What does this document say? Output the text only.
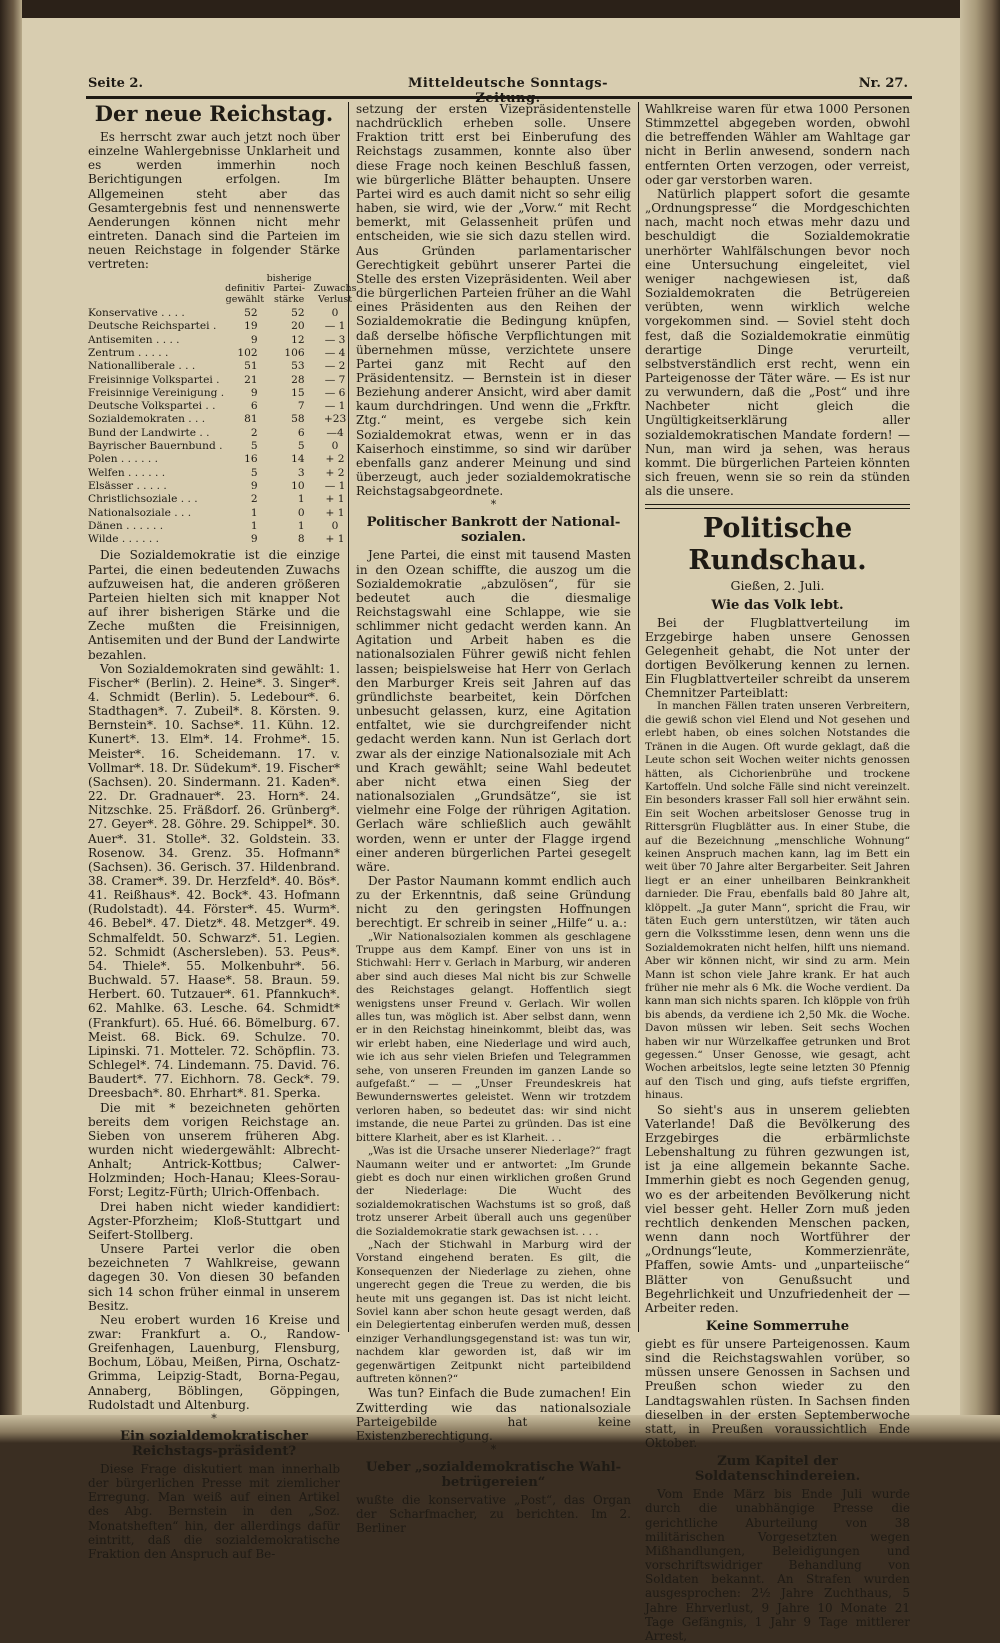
Seite 2.	Mitteldeutsche Sonntags-	Nr. 27.
Der neue Reichstag.

Es herrscht zwar auch jetzt noch über einzelne Wahlergebnisse Unklarheit und es werden immerhin noch Berichtigungen erfolgen. Im Allgemeinen steht aber das Gesamtergebnis fest und nennenswerte Aenderungen können nicht mehr eintreten. Danach sind die Parteien im neuen Reichstage in folgender Stärke vertreten:

	definitiv gewählt	bisherige Partei-stärke	Zuwachs
Verlust
Konservative . . . .	52	52	0
Deutsche Reichspartei .	19	20	— 1
Antisemiten . . . .	9	12	— 3
Zentrum . . . . .	102	106	— 4
Nationalliberale . . .	51	53	— 2
Freisinnige Volkspartei .	21	28	— 7
Freisinnige Vereinigung .	9	15	— 6
Deutsche Volkspartei . .	6	7	— 1
Sozialdemokraten . . .	81	58	+23
Bund der Landwirte . .	2	6	—4
Bayrischer Bauernbund .	5	5	0
Polen . . . . . .	16	14	+ 2
Welfen . . . . . .	5	3	+ 2
Elsässer . . . . .	9	10	— 1
Christlichsoziale . . .	2	1	+ 1
Nationalsoziale . . .	1	0	+ 1
Dänen . . . . . .	1	1	0
Wilde . . . . . .	9	8	+ 1

Die Sozialdemokratie ist die einzige Partei, die einen bedeutenden Zuwachs aufzuweisen hat, die anderen größeren Parteien hielten sich mit knapper Not auf ihrer bisherigen Stärke und die Zeche mußten die Freisinnigen, Antisemiten und der Bund der Landwirte bezahlen.

Von Sozialdemokraten sind gewählt: 1. Fischer* (Berlin). 2. Heine*. 3. Singer*. 4. Schmidt (Berlin). 5. Ledebour*. 6. Stadthagen*. 7. Zubeil*. 8. Körsten. 9. Bernstein*. 10. Sachse*. 11. Kühn. 12. Kunert*. 13. Elm*. 14. Frohme*. 15. Meister*. 16. Scheidemann. 17. v. Vollmar*. 18. Dr. Südekum*. 19. Fischer* (Sachsen). 20. Sindermann. 21. Kaden*. 22. Dr. Gradnauer*. 23. Horn*. 24. Nitzschke. 25. Fräßdorf. 26. Grünberg*. 27. Geyer*. 28. Göhre. 29. Schippel*. 30. Auer*. 31. Stolle*. 32. Goldstein. 33. Rosenow. 34. Grenz. 35. Hofmann* (Sachsen). 36. Gerisch. 37. Hildenbrand. 38. Cramer*. 39. Dr. Herzfeld*. 40. Bös*. 41. Reißhaus*. 42. Bock*. 43. Hofmann (Rudolstadt). 44. Förster*. 45. Wurm*. 46. Bebel*. 47. Dietz*. 48. Metzger*. 49. Schmalfeldt. 50. Schwarz*. 51. Legien. 52. Schmidt (Aschersleben). 53. Peus*. 54. Thiele*. 55. Molkenbuhr*. 56. Buchwald. 57. Haase*. 58. Braun. 59. Herbert. 60. Tutzauer*. 61. Pfannkuch*. 62. Mahlke. 63. Lesche. 64. Schmidt* (Frankfurt). 65. Hué. 66. Bömelburg. 67. Meist. 68. Bick. 69. Schulze. 70. Lipinski. 71. Motteler. 72. Schöpflin. 73. Schlegel*. 74. Lindemann. 75. David. 76. Baudert*. 77. Eichhorn. 78. Geck*. 79. Dreesbach*. 80. Ehrhart*. 81. Sperka.

Die mit * bezeichneten gehörten bereits dem vorigen Reichstage an. Sieben von unserem früheren Abg. wurden nicht wiedergewählt: Albrecht-Anhalt; Antrick-Kottbus; Calwer-Holzminden; Hoch-Hanau; Klees-Sorau-Forst; Legitz-Fürth; Ulrich-Offenbach.

Drei haben nicht wieder kandidiert: Agster-Pforzheim; Kloß-Stuttgart und Seifert-Stollberg.

Unsere Partei verlor die oben bezeichneten 7 Wahlkreise, gewann dagegen 30. Von diesen 30 befanden sich 14 schon früher einmal in unserem Besitz.

Neu erobert wurden 16 Kreise und zwar: Frankfurt a. O., Randow-Greifenhagen, Lauenburg, Flensburg, Bochum, Löbau, Meißen, Pirna, Oschatz-Grimma, Leipzig-Stadt, Borna-Pegau, Annaberg, Böblingen, Göppingen, Rudolstadt und Altenburg.

*
Ein sozialdemokratischer Reichstags-präsident?

Diese Frage diskutiert man innerhalb der bürgerlichen Presse mit ziemlicher Erregung. Man weiß auf einen Artikel des Abg. Bernstein in den „Soz. Monatsheften“ hin, der allerdings dafür eintritt, daß die sozialdemokratische Fraktion den Anspruch auf Be-

setzung der ersten Vizepräsidentenstelle nachdrücklich erheben solle. Unsere Fraktion tritt erst bei Einberufung des Reichstags zusammen, konnte also über diese Frage noch keinen Beschluß fassen, wie bürgerliche Blätter behaupten. Unsere Partei wird es auch damit nicht so sehr eilig haben, sie wird, wie der „Vorw.“ mit Recht bemerkt, mit Gelassenheit prüfen und entscheiden, wie sie sich dazu stellen wird. Aus Gründen parlamentarischer Gerechtigkeit gebührt unserer Partei die Stelle des ersten Vizepräsidenten. Weil aber die bürgerlichen Parteien früher an die Wahl eines Präsidenten aus den Reihen der Sozialdemokratie die Bedingung knüpfen, daß derselbe höfische Verpflichtungen mit übernehmen müsse, verzichtete unsere Partei ganz mit Recht auf den Präsidentensitz. — Bernstein ist in dieser Beziehung anderer Ansicht, wird aber damit kaum durchdringen. Und wenn die „Frkftr. Ztg.“ meint, es vergebe sich kein Sozialdemokrat etwas, wenn er in das Kaiserhoch einstimme, so sind wir darüber ebenfalls ganz anderer Meinung und sind überzeugt, auch jeder sozialdemokratische Reichstagsabgeordnete.

*
Politischer Bankrott der National-sozialen.

Jene Partei, die einst mit tausend Masten in den Ozean schiffte, die auszog um die Sozialdemokratie „abzulösen“, für sie bedeutet auch die diesmalige Reichstagswahl eine Schlappe, wie sie schlimmer nicht gedacht werden kann. An Agitation und Arbeit haben es die nationalsozialen Führer gewiß nicht fehlen lassen; beispielsweise hat Herr von Gerlach den Marburger Kreis seit Jahren auf das gründlichste bearbeitet, kein Dörfchen unbesucht gelassen, kurz, eine Agitation entfaltet, wie sie durchgreifender nicht gedacht werden kann. Nun ist Gerlach dort zwar als der einzige Nationalsoziale mit Ach und Krach gewählt; seine Wahl bedeutet aber nicht etwa einen Sieg der nationalsozialen „Grundsätze“, sie ist vielmehr eine Folge der rührigen Agitation. Gerlach wäre schließlich auch gewählt worden, wenn er unter der Flagge irgend einer anderen bürgerlichen Partei gesegelt wäre.

Der Pastor Naumann kommt endlich auch zu der Erkenntnis, daß seine Gründung nicht zu den geringsten Hoffnungen berechtigt. Er schreib in seiner „Hilfe“ u. a.:

„Wir Nationalsozialen kommen als geschlagene Truppe aus dem Kampf. Einer von uns ist in Stichwahl: Herr v. Gerlach in Marburg, wir anderen aber sind auch dieses Mal nicht bis zur Schwelle des Reichstages gelangt. Hoffentlich siegt wenigstens unser Freund v. Gerlach. Wir wollen alles tun, was möglich ist. Aber selbst dann, wenn er in den Reichstag hineinkommt, bleibt das, was wir erlebt haben, eine Niederlage und wird auch, wie ich aus sehr vielen Briefen und Telegrammen sehe, von unseren Freunden im ganzen Lande so aufgefaßt.“ — — „Unser Freundeskreis hat Bewundernswertes geleistet. Wenn wir trotzdem verloren haben, so bedeutet das: wir sind nicht imstande, die neue Partei zu gründen. Das ist eine bittere Klarheit, aber es ist Klarheit. . .

„Was ist die Ursache unserer Niederlage?“ fragt Naumann weiter und er antwortet: „Im Grunde giebt es doch nur einen wirklichen großen Grund der Niederlage: Die Wucht des sozialdemokratischen Wachstums ist so groß, daß trotz unserer Arbeit überall auch uns gegenüber die Sozialdemokratie stark gewachsen ist. . . .

„Nach der Stichwahl in Marburg wird der Vorstand eingehend beraten. Es gilt, die Konsequenzen der Niederlage zu ziehen, ohne ungerecht gegen die Treue zu werden, die bis heute mit uns gegangen ist. Das ist nicht leicht. Soviel kann aber schon heute gesagt werden, daß ein Delegiertentag einberufen werden muß, dessen einziger Verhandlungsgegenstand ist: was tun wir, nachdem klar geworden ist, daß wir im gegenwärtigen Zeitpunkt nicht parteibildend auftreten können?“

Was tun? Einfach die Bude zumachen! Ein Zwitterding wie das nationalsoziale Parteigebilde hat keine Existenzberechtigung.

*
Ueber „sozialdemokratische Wahl-betrügereien“

wußte die konservative „Post“, das Organ der Scharfmacher, zu berichten. Im 2. Berliner

Wahlkreise waren für etwa 1000 Personen Stimmzettel abgegeben worden, obwohl die betreffenden Wähler am Wahltage gar nicht in Berlin anwesend, sondern nach entfernten Orten verzogen, oder verreist, oder gar verstorben waren.

Natürlich plappert sofort die gesamte „Ordnungspresse“ die Mordgeschichten nach, macht noch etwas mehr dazu und beschuldigt die Sozialdemokratie unerhörter Wahlfälschungen bevor noch eine Untersuchung eingeleitet, viel weniger nachgewiesen ist, daß Sozialdemokraten die Betrügereien verübten, wenn wirklich welche vorgekommen sind. — Soviel steht doch fest, daß die Sozialdemokratie einmütig derartige Dinge verurteilt, selbstverständlich erst recht, wenn ein Parteigenosse der Täter wäre. — Es ist nur zu verwundern, daß die „Post“ und ihre Nachbeter nicht gleich die Ungültigkeitserklärung aller sozialdemokratischen Mandate fordern! — Nun, man wird ja sehen, was heraus kommt. Die bürgerlichen Parteien könnten sich freuen, wenn sie so rein da stünden als die unsere.

Politische Rundschau.
Gießen, 2. Juli.
Wie das Volk lebt.

Bei der Flugblattverteilung im Erzgebirge haben unsere Genossen Gelegenheit gehabt, die Not unter der dortigen Bevölkerung kennen zu lernen. Ein Flugblattverteiler schreibt da unserem Chemnitzer Parteiblatt:

In manchen Fällen traten unseren Verbreitern, die gewiß schon viel Elend und Not gesehen und erlebt haben, ob eines solchen Notstandes die Tränen in die Augen. Oft wurde geklagt, daß die Leute schon seit Wochen weiter nichts genossen hätten, als Cichorienbrühe und trockene Kartoffeln. Und solche Fälle sind nicht vereinzelt. Ein besonders krasser Fall soll hier erwähnt sein. Ein seit Wochen arbeitsloser Genosse trug in Rittersgrün Flugblätter aus. In einer Stube, die auf die Bezeichnung „menschliche Wohnung“ keinen Anspruch machen kann, lag im Bett ein weit über 70 Jahre alter Bergarbeiter. Seit Jahren liegt er an einer unheilbaren Beinkrankheit darnieder. Die Frau, ebenfalls bald 80 Jahre alt, klöppelt. „Ja guter Mann“, spricht die Frau, wir täten Euch gern unterstützen, wir täten auch gern die Volksstimme lesen, denn wenn uns die Sozialdemokraten nicht helfen, hilft uns niemand. Aber wir können nicht, wir sind zu arm. Mein Mann ist schon viele Jahre krank. Er hat auch früher nie mehr als 6 Mk. die Woche verdient. Da kann man sich nichts sparen. Ich klöpple von früh bis abends, da verdiene ich 2,50 Mk. die Woche. Davon müssen wir leben. Seit sechs Wochen haben wir nur Würzelkaffee getrunken und Brot gegessen.“ Unser Genosse, wie gesagt, acht Wochen arbeitslos, legte seine letzten 30 Pfennig auf den Tisch und ging, aufs tiefste ergriffen, hinaus.

So sieht's aus in unserem geliebten Vaterlande! Daß die Bevölkerung des Erzgebirges die erbärmlichste Lebenshaltung zu führen gezwungen ist, ist ja eine allgemein bekannte Sache. Immerhin giebt es noch Gegenden genug, wo es der arbeitenden Bevölkerung nicht viel besser geht. Heller Zorn muß jeden rechtlich denkenden Menschen packen, wenn dann noch Wortführer der „Ordnungs“leute, Kommerzienräte, Pfaffen, sowie Amts- und „unparteiische“ Blätter von Genußsucht und Begehrlichkeit und Unzufriedenheit der — Arbeiter reden.

Keine Sommerruhe

giebt es für unsere Parteigenossen. Kaum sind die Reichstagswahlen vorüber, so müssen unsere Genossen in Sachsen und Preußen schon wieder zu den Landtagswahlen rüsten. In Sachsen finden dieselben in der ersten Septemberwoche statt, in Preußen voraussichtlich Ende Oktober.

Zum Kapitel der Soldatenschindereien.

Vom Ende März bis Ende Juli wurde durch die unabhängige Presse die gerichtliche Aburteilung von 38 militärischen Vorgesetzten wegen Mißhandlungen, Beleidigungen und vorschriftswidriger Behandlung von Soldaten bekannt. An Strafen wurden ausgesprochen: 2½ Jahre Zuchthaus, 5 Jahre Ehrverlust, 9 Jahre 10 Monate 21 Tage Gefängnis, 1 Jahr 9 Tage mittlerer Arrest,
